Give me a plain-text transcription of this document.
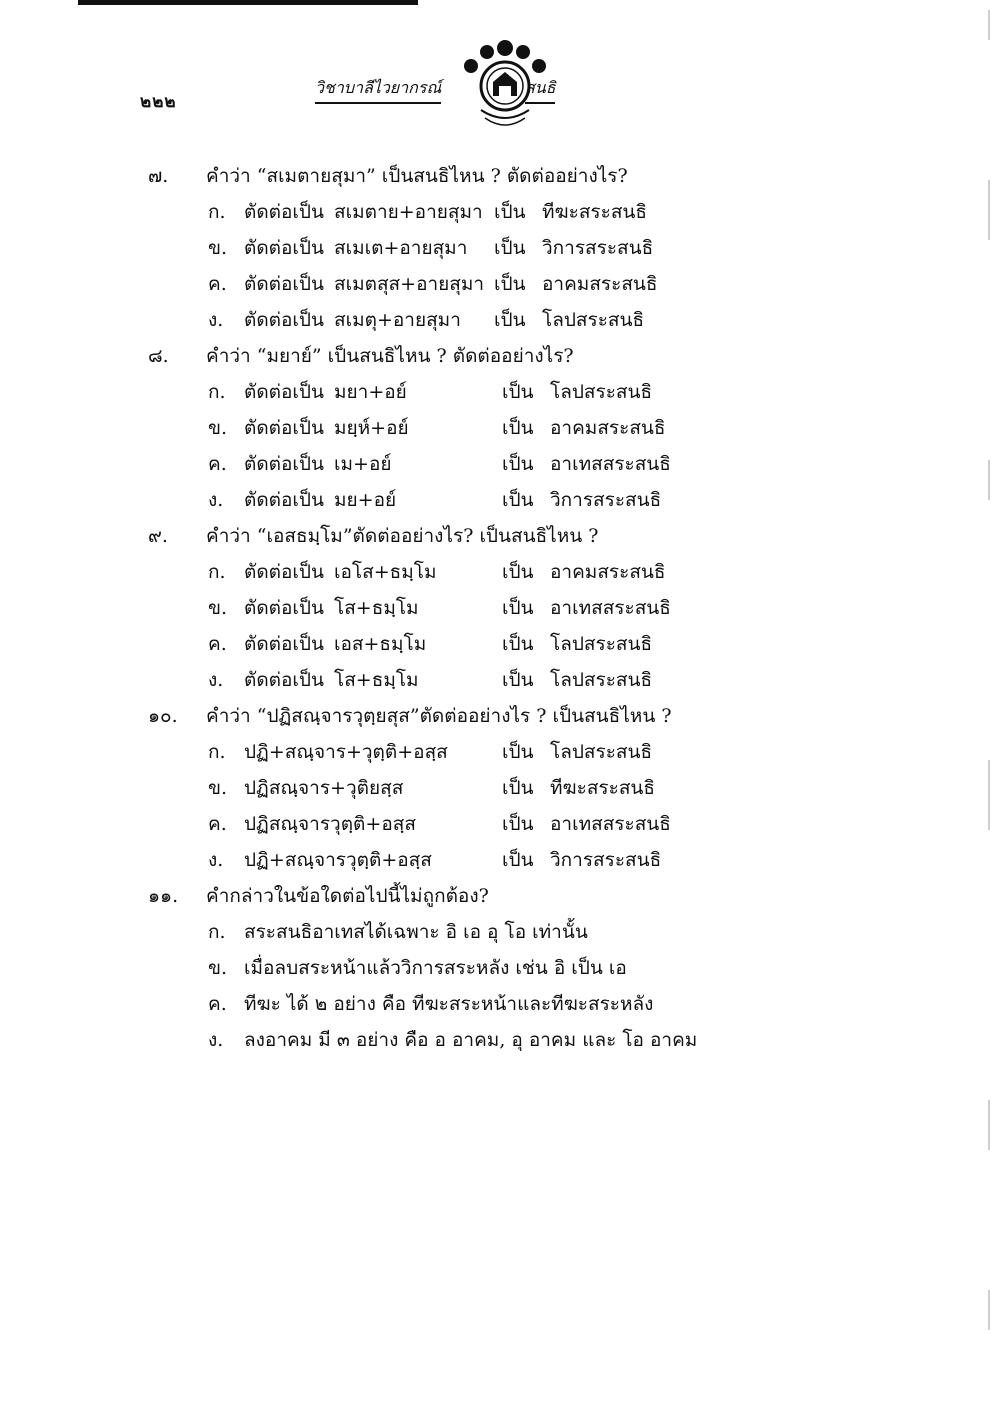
๒๒๒
วิชาบาลีไวยากรณ์	สนธิ
๗.	คำว่า “สเมตายสุมา” เป็นสนธิไหน ? ตัดต่ออย่างไร?
ก. ตัดต่อเป็น สเมตาย+อายสุมา เป็น ทีฆะสระสนธิ
ข. ตัดต่อเป็น สเมเต+อายสุมา	เป็น วิการสระสนธิ
ค. ตัดต่อเป็น สเมตสุส+อายสุมา เป็น อาคมสระสนธิ
ง.	ตัดต่อเป็น สเมตุ+อายสุมา	เป็น โลปสระสนธิ
๘.	คำว่า “มยาย์” เป็นสนธิไหน ? ตัดต่ออย่างไร?
ก. ตัดต่อเป็น มยา+อย์	เป็น โลปสระสนธิ
ข. ตัดต่อเป็น มยฺห์+อย์	เป็น อาคมสระสนธิ
ค. ตัดต่อเป็น เม+อย์	เป็น อาเทสสระสนธิ
ง.	ตัดต่อเป็น มย+อย์	เป็น วิการสระสนธิ
๙.	คำว่า “เอสธมฺโม”ตัดต่ออย่างไร? เป็นสนธิไหน ?
ก. ตัดต่อเป็น เอโส+ธมฺโม	เป็น อาคมสระสนธิ
ข. ตัดต่อเป็น โส+ธมฺโม	เป็น อาเทสสระสนธิ
ค. ตัดต่อเป็น เอส+ธมฺโม	เป็น โลปสระสนธิ
ง.	ตัดต่อเป็น โส+ธมฺโม	เป็น โลปสระสนธิ
๑๐.	คำว่า “ปฏิสณฺจารวุตฺยสุส”ตัดต่ออย่างไร ? เป็นสนธิไหน ?
ก. ปฏิ+สณฺจาร+วุตฺติ+อสฺส	เป็น โลปสระสนธิ
ข. ปฏิสณฺจาร+วุติยสฺส	เป็น ทีฆะสระสนธิ
ค. ปฏิสณฺจารวุตฺติ+อสฺส	เป็น อาเทสสระสนธิ
ง.	ปฏิ+สณฺจารวุตฺติ+อสฺส	เป็น วิการสระสนธิ
๑๑.	คำกล่าวในข้อใดต่อไปนี้ไม่ถูกต้อง?
ก. สระสนธิอาเทสได้เฉพาะ อิ เอ อุ โอ เท่านั้น
ข. เมื่อลบสระหน้าแล้ววิการสระหลัง เช่น อิ เป็น เอ
ค. ทีฆะ ได้ ๒ อย่าง คือ ทีฆะสระหน้าและทีฆะสระหลัง
ง.	ลงอาคม มี ๓ อย่าง คือ อ อาคม, อุ อาคม และ โอ อาคม
